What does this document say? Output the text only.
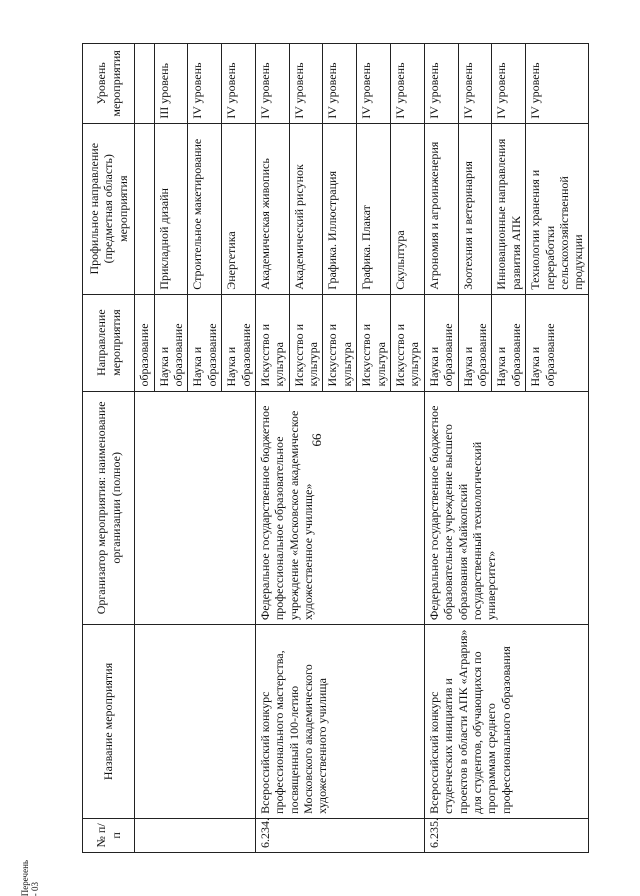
99
Перечень - 03
№ п/п	Название мероприятия	Организатор мероприятия: наименование организации (полное)	Направление мероприятия	Профильное направление (предметная область) мероприятия	Уровень мероприятия
			образование		
			Наука и образование	Прикладной дизайн	III уровень
			Наука и образование	Строительное макетирование	IV уровень
			Наука и образование	Энергетика	IV уровень
6.234.	Всероссийский конкурс профессионального мастерства, посвященный 100-летию Московского академического художественного училища	Федеральное государственное бюджетное профессиональное образовательное учреждение «Московское академическое художественное училище»	Искусство и культура	Академическая живопись	IV уровень
			Искусство и культура	Академический рисунок	IV уровень
			Искусство и культура	Графика. Иллюстрация	IV уровень
			Искусство и культура	Графика. Плакат	IV уровень
			Искусство и культура	Скульптура	IV уровень
6.235.	Всероссийский конкурс студенческих инициатив и проектов в области АПК «Агрария» для студентов, обучающихся по программам среднего профессионального образования	Федеральное государственное бюджетное образовательное учреждение высшего образования «Майкопский государственный технологический университет»	Наука и образование	Агрономия и агроинженерия	IV уровень
			Наука и образование	Зоотехния и ветеринария	IV уровень
			Наука и образование	Инновационные направления развития АПК	IV уровень
			Наука и образование	Технологии хранения и переработки сельскохозяйственной продукции	IV уровень
